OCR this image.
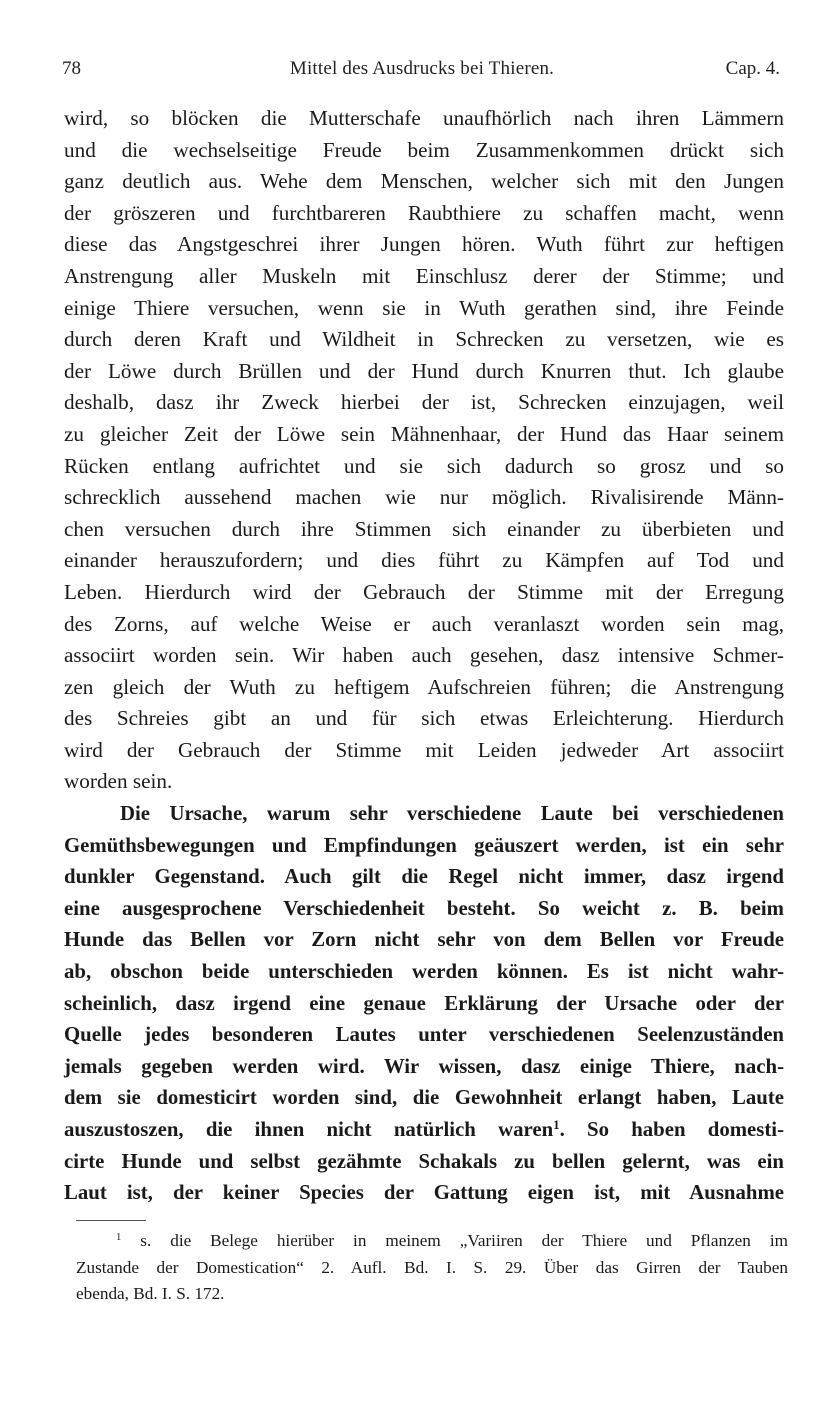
78	Mittel des Ausdrucks bei Thieren.	Cap. 4.
wird, so blöcken die Mutterschafe unaufhörlich nach ihren Lämmern
und die wechselseitige Freude beim Zusammenkommen drückt sich
ganz deutlich aus. Wehe dem Menschen, welcher sich mit den Jungen
der gröszeren und furchtbareren Raubthiere zu schaffen macht, wenn
diese das Angstgeschrei ihrer Jungen hören. Wuth führt zur heftigen
Anstrengung aller Muskeln mit Einschlusz derer der Stimme; und
einige Thiere versuchen, wenn sie in Wuth gerathen sind, ihre Feinde
durch deren Kraft und Wildheit in Schrecken zu versetzen, wie es
der Löwe durch Brüllen und der Hund durch Knurren thut. Ich glaube
deshalb, dasz ihr Zweck hierbei der ist, Schrecken einzujagen, weil
zu gleicher Zeit der Löwe sein Mähnenhaar, der Hund das Haar seinem
Rücken entlang aufrichtet und sie sich dadurch so grosz und so
schrecklich aussehend machen wie nur möglich. Rivalisirende Männ-
chen versuchen durch ihre Stimmen sich einander zu überbieten und
einander herauszufordern; und dies führt zu Kämpfen auf Tod und
Leben. Hierdurch wird der Gebrauch der Stimme mit der Erregung
des Zorns, auf welche Weise er auch veranlaszt worden sein mag,
associirt worden sein. Wir haben auch gesehen, dasz intensive Schmer-
zen gleich der Wuth zu heftigem Aufschreien führen; die Anstrengung
des Schreies gibt an und für sich etwas Erleichterung. Hierdurch
wird der Gebrauch der Stimme mit Leiden jedweder Art associirt
worden sein.
Die Ursache, warum sehr verschiedene Laute bei verschiedenen
Gemüthsbewegungen und Empfindungen geäuszert werden, ist ein sehr
dunkler Gegenstand. Auch gilt die Regel nicht immer, dasz irgend
eine ausgesprochene Verschiedenheit besteht. So weicht z. B. beim
Hunde das Bellen vor Zorn nicht sehr von dem Bellen vor Freude
ab, obschon beide unterschieden werden können. Es ist nicht wahr-
scheinlich, dasz irgend eine genaue Erklärung der Ursache oder der
Quelle jedes besonderen Lautes unter verschiedenen Seelenzuständen
jemals gegeben werden wird. Wir wissen, dasz einige Thiere, nach-
dem sie domesticirt worden sind, die Gewohnheit erlangt haben, Laute
auszustoszen, die ihnen nicht natürlich waren$^1$. So haben domesti-
cirte Hunde und selbst gezähmte Schakals zu bellen gelernt, was ein
Laut ist, der keiner Species der Gattung eigen ist, mit Ausnahme
$^1$ s. die Belege hierüber in meinem „Variiren der Thiere und Pflanzen im
Zustande der Domestication“ 2. Aufl. Bd. I. S. 29. Über das Girren der Tauben
ebenda, Bd. I. S. 172.
